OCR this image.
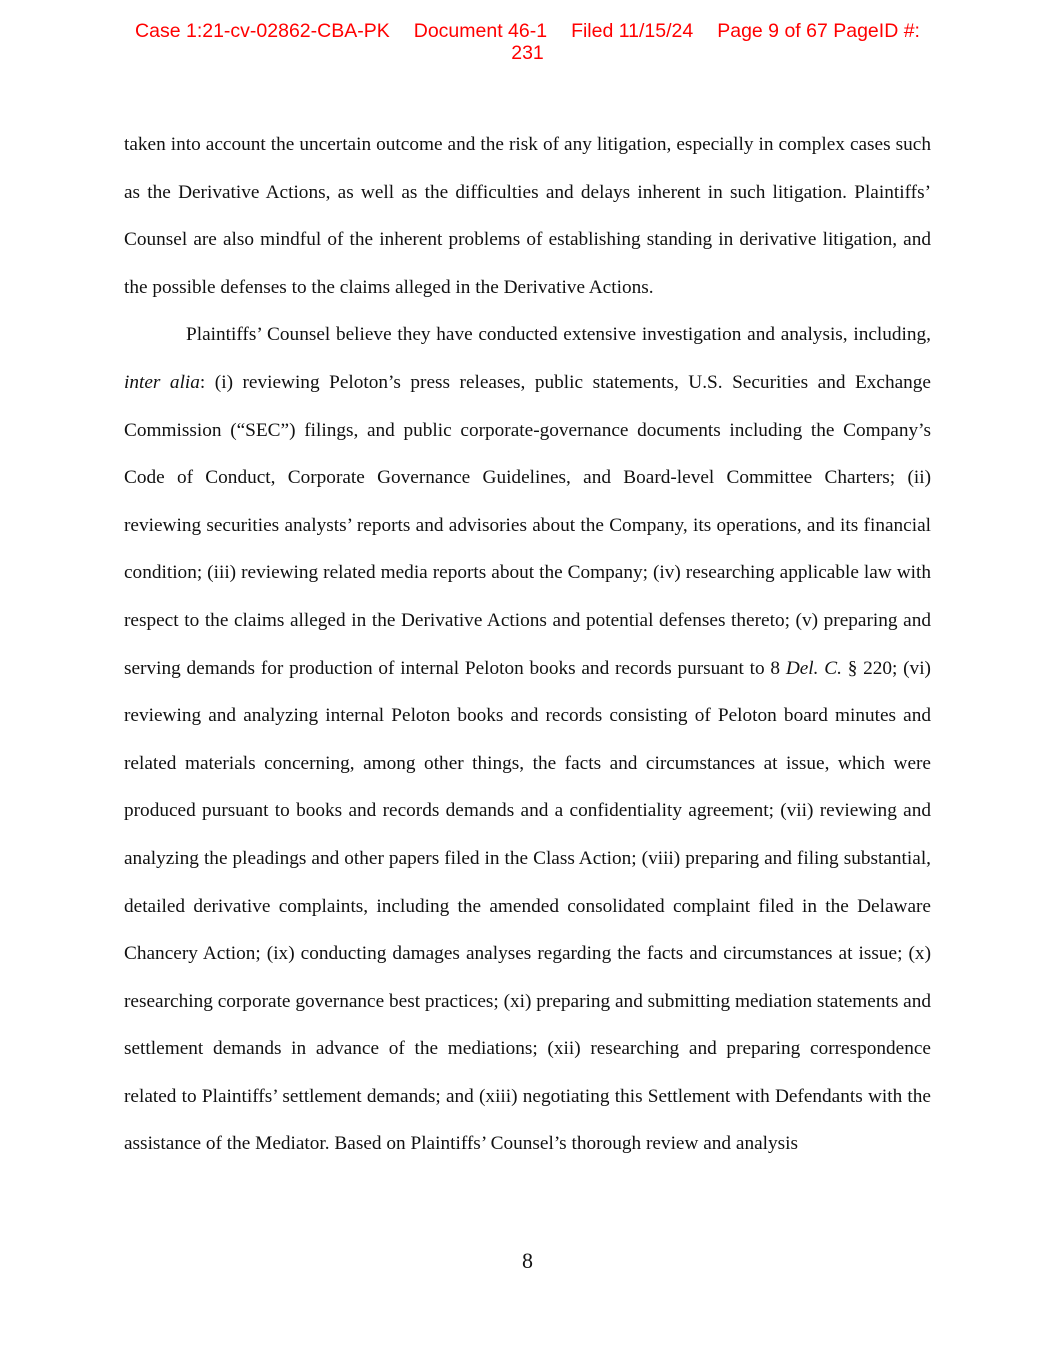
Case 1:21-cv-02862-CBA-PK Document 46-1 Filed 11/15/24 Page 9 of 67 PageID #:
231

taken into account the uncertain outcome and the risk of any litigation, especially in complex cases such as the Derivative Actions, as well as the difficulties and delays inherent in such litigation. Plaintiffs’ Counsel are also mindful of the inherent problems of establishing standing in derivative litigation, and the possible defenses to the claims alleged in the Derivative Actions.

Plaintiffs’ Counsel believe they have conducted extensive investigation and analysis, including, inter alia: (i) reviewing Peloton’s press releases, public statements, U.S. Securities and Exchange Commission (“SEC”) filings, and public corporate-governance documents including the Company’s Code of Conduct, Corporate Governance Guidelines, and Board-level Committee Charters; (ii) reviewing securities analysts’ reports and advisories about the Company, its operations, and its financial condition; (iii) reviewing related media reports about the Company; (iv) researching applicable law with respect to the claims alleged in the Derivative Actions and potential defenses thereto; (v) preparing and serving demands for production of internal Peloton books and records pursuant to 8 Del. C. § 220; (vi) reviewing and analyzing internal Peloton books and records consisting of Peloton board minutes and related materials concerning, among other things, the facts and circumstances at issue, which were produced pursuant to books and records demands and a confidentiality agreement; (vii) reviewing and analyzing the pleadings and other papers filed in the Class Action; (viii) preparing and filing substantial, detailed derivative complaints, including the amended consolidated complaint filed in the Delaware Chancery Action; (ix) conducting damages analyses regarding the facts and circumstances at issue; (x) researching corporate governance best practices; (xi) preparing and submitting mediation statements and settlement demands in advance of the mediations; (xii) researching and preparing correspondence related to Plaintiffs’ settlement demands; and (xiii) negotiating this Settlement with Defendants with the assistance of the Mediator. Based on Plaintiffs’ Counsel’s thorough review and analysis

8
